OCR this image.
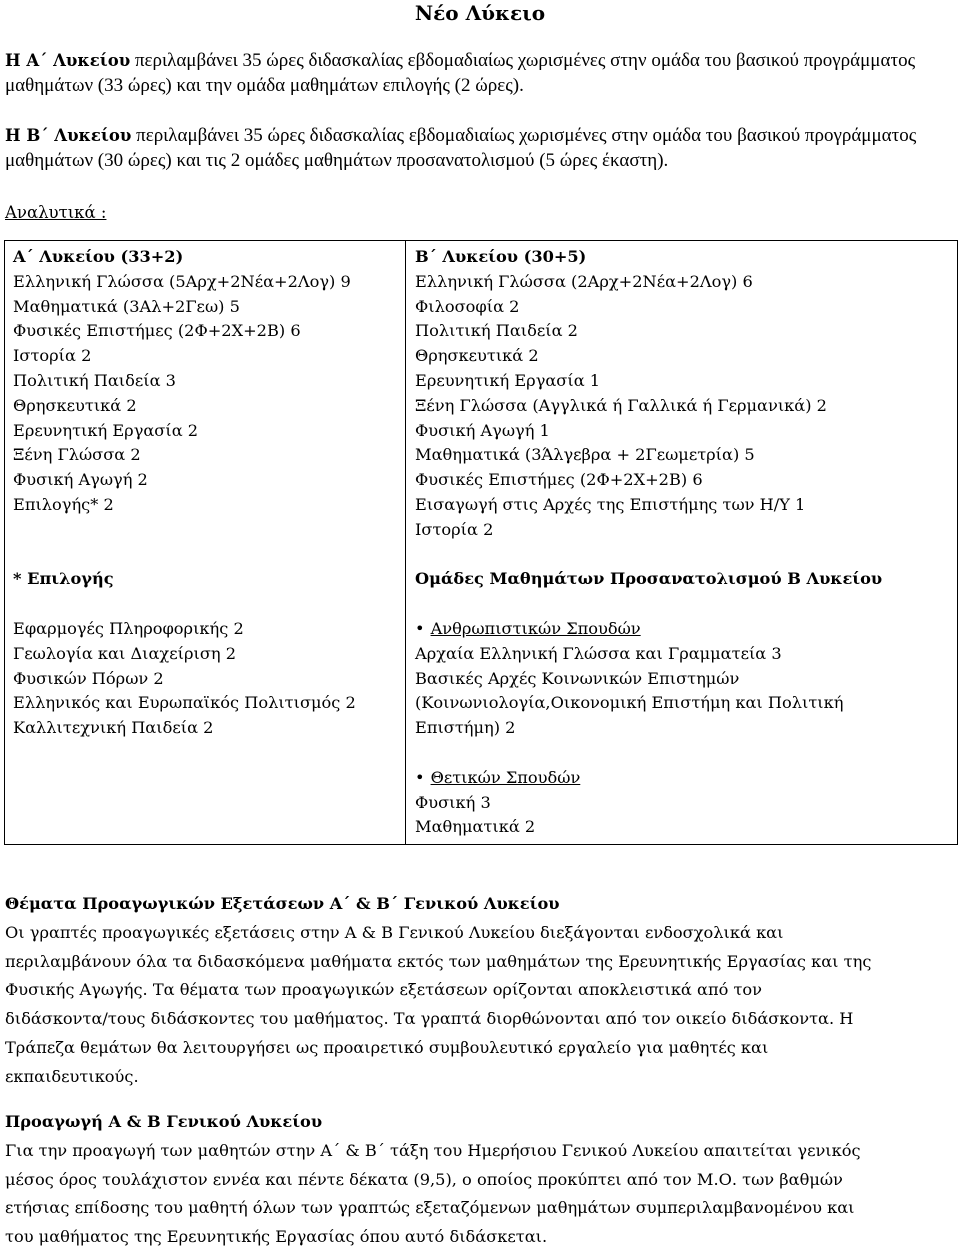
Νέο Λύκειο
Η Α΄ Λυκείου περιλαμβάνει 35 ώρες διδασκαλίας εβδομαδιαίως χωρισμένες στην ομάδα του βασικού προγράμματος μαθημάτων (33 ώρες) και την ομάδα μαθημάτων επιλογής (2 ώρες).
Η Β΄ Λυκείου περιλαμβάνει 35 ώρες διδασκαλίας εβδομαδιαίως χωρισμένες στην ομάδα του βασικού προγράμματος μαθημάτων (30 ώρες) και τις 2 ομάδες μαθημάτων προσανατολισμού (5 ώρες έκαστη).
Αναλυτικά :
Α΄ Λυκείου (33+2)
Ελληνική Γλώσσα (5Αρχ+2Νέα+2Λογ) 9
Μαθηματικά (3Αλ+2Γεω) 5
Φυσικές Επιστήμες (2Φ+2Χ+2Β) 6
Ιστορία 2
Πολιτική Παιδεία 3
Θρησκευτικά 2
Ερευνητική Εργασία 2
Ξένη Γλώσσα 2
Φυσική Αγωγή 2
Επιλογής* 2
* Επιλογής
Εφαρμογές Πληροφορικής 2
Γεωλογία και Διαχείριση 2
Φυσικών Πόρων 2
Ελληνικός και Ευρωπαϊκός Πολιτισμός 2
Καλλιτεχνική Παιδεία 2
Β΄ Λυκείου (30+5)
Ελληνική Γλώσσα (2Αρχ+2Νέα+2Λογ) 6
Φιλοσοφία 2
Πολιτική Παιδεία 2
Θρησκευτικά 2
Ερευνητική Εργασία 1
Ξένη Γλώσσα (Αγγλικά ή Γαλλικά ή Γερμανικά) 2
Φυσική Αγωγή 1
Μαθηματικά (3Άλγεβρα + 2Γεωμετρία) 5
Φυσικές Επιστήμες (2Φ+2Χ+2Β) 6
Εισαγωγή στις Αρχές της Επιστήμης των Η/Υ 1
Ιστορία 2
Ομάδες Μαθημάτων Προσανατολισμού Β Λυκείου
• Ανθρωπιστικών Σπουδών
Αρχαία Ελληνική Γλώσσα και Γραμματεία 3
Βασικές Αρχές Κοινωνικών Επιστημών
(Κοινωνιολογία,Οικονομική Επιστήμη και Πολιτική
Επιστήμη) 2
• Θετικών Σπουδών
Φυσική 3
Μαθηματικά 2
Θέματα Προαγωγικών Εξετάσεων Α΄ & Β΄ Γενικού Λυκείου
Οι γραπτές προαγωγικές εξετάσεις στην Α & Β Γενικού Λυκείου διεξάγονται ενδοσχολικά και
περιλαμβάνουν όλα τα διδασκόμενα μαθήματα εκτός των μαθημάτων της Ερευνητικής Εργασίας και της
Φυσικής Αγωγής. Τα θέματα των προαγωγικών εξετάσεων ορίζονται αποκλειστικά από τον
διδάσκοντα/τους διδάσκοντες του μαθήματος. Τα γραπτά διορθώνονται από τον οικείο διδάσκοντα. Η
Τράπεζα θεμάτων θα λειτουργήσει ως προαιρετικό συμβουλευτικό εργαλείο για μαθητές και
εκπαιδευτικούς.
Προαγωγή Α & Β Γενικού Λυκείου
Για την προαγωγή των μαθητών στην Α΄ & Β΄ τάξη του Ημερήσιου Γενικού Λυκείου απαιτείται γενικός
μέσος όρος τουλάχιστον εννέα και πέντε δέκατα (9,5), ο οποίος προκύπτει από τον Μ.Ο. των βαθμών
ετήσιας επίδοσης του μαθητή όλων των γραπτώς εξεταζόμενων μαθημάτων συμπεριλαμβανομένου και
του μαθήματος της Ερευνητικής Εργασίας όπου αυτό διδάσκεται.
